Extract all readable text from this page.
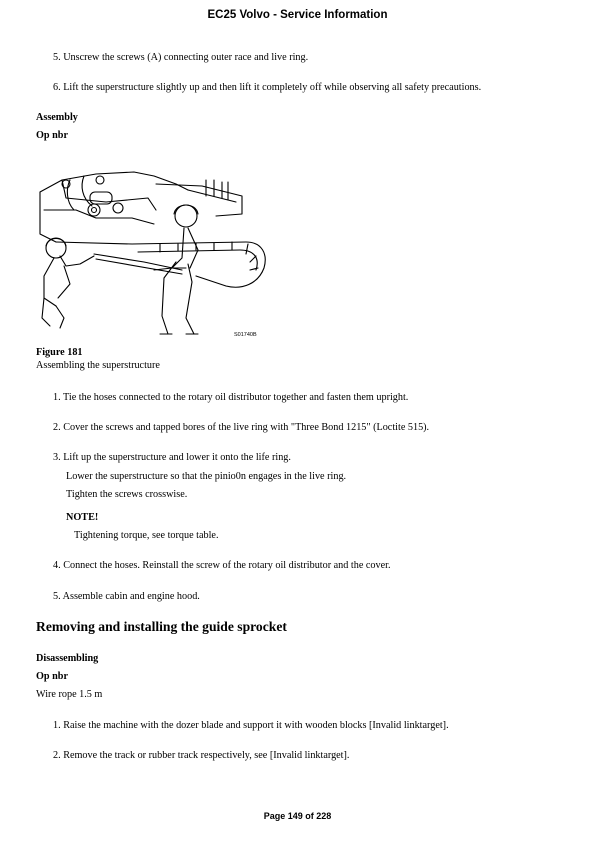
EC25 Volvo - Service Information
5. Unscrew the screws (A) connecting outer race and live ring.
6. Lift the superstructure slightly up and then lift it completely off while observing all safety precautions.
Assembly
Op nbr
S01740B
Figure 181
Assembling the superstructure
1. Tie the hoses connected to the rotary oil distributor together and fasten them upright.
2. Cover the screws and tapped bores of the live ring with "Three Bond 1215" (Loctite 515).
3. Lift up the superstructure and lower it onto the life ring.
Lower the superstructure so that the pinio0n engages in the live ring.
Tighten the screws crosswise.
NOTE!
Tightening torque, see torque table.
4. Connect the hoses. Reinstall the screw of the rotary oil distributor and the cover.
5. Assemble cabin and engine hood.
Removing and installing the guide sprocket
Disassembling
Op nbr
Wire rope 1.5 m
1. Raise the machine with the dozer blade and support it with wooden blocks [Invalid linktarget].
2. Remove the track or rubber track respectively, see [Invalid linktarget].
Page 149 of 228
